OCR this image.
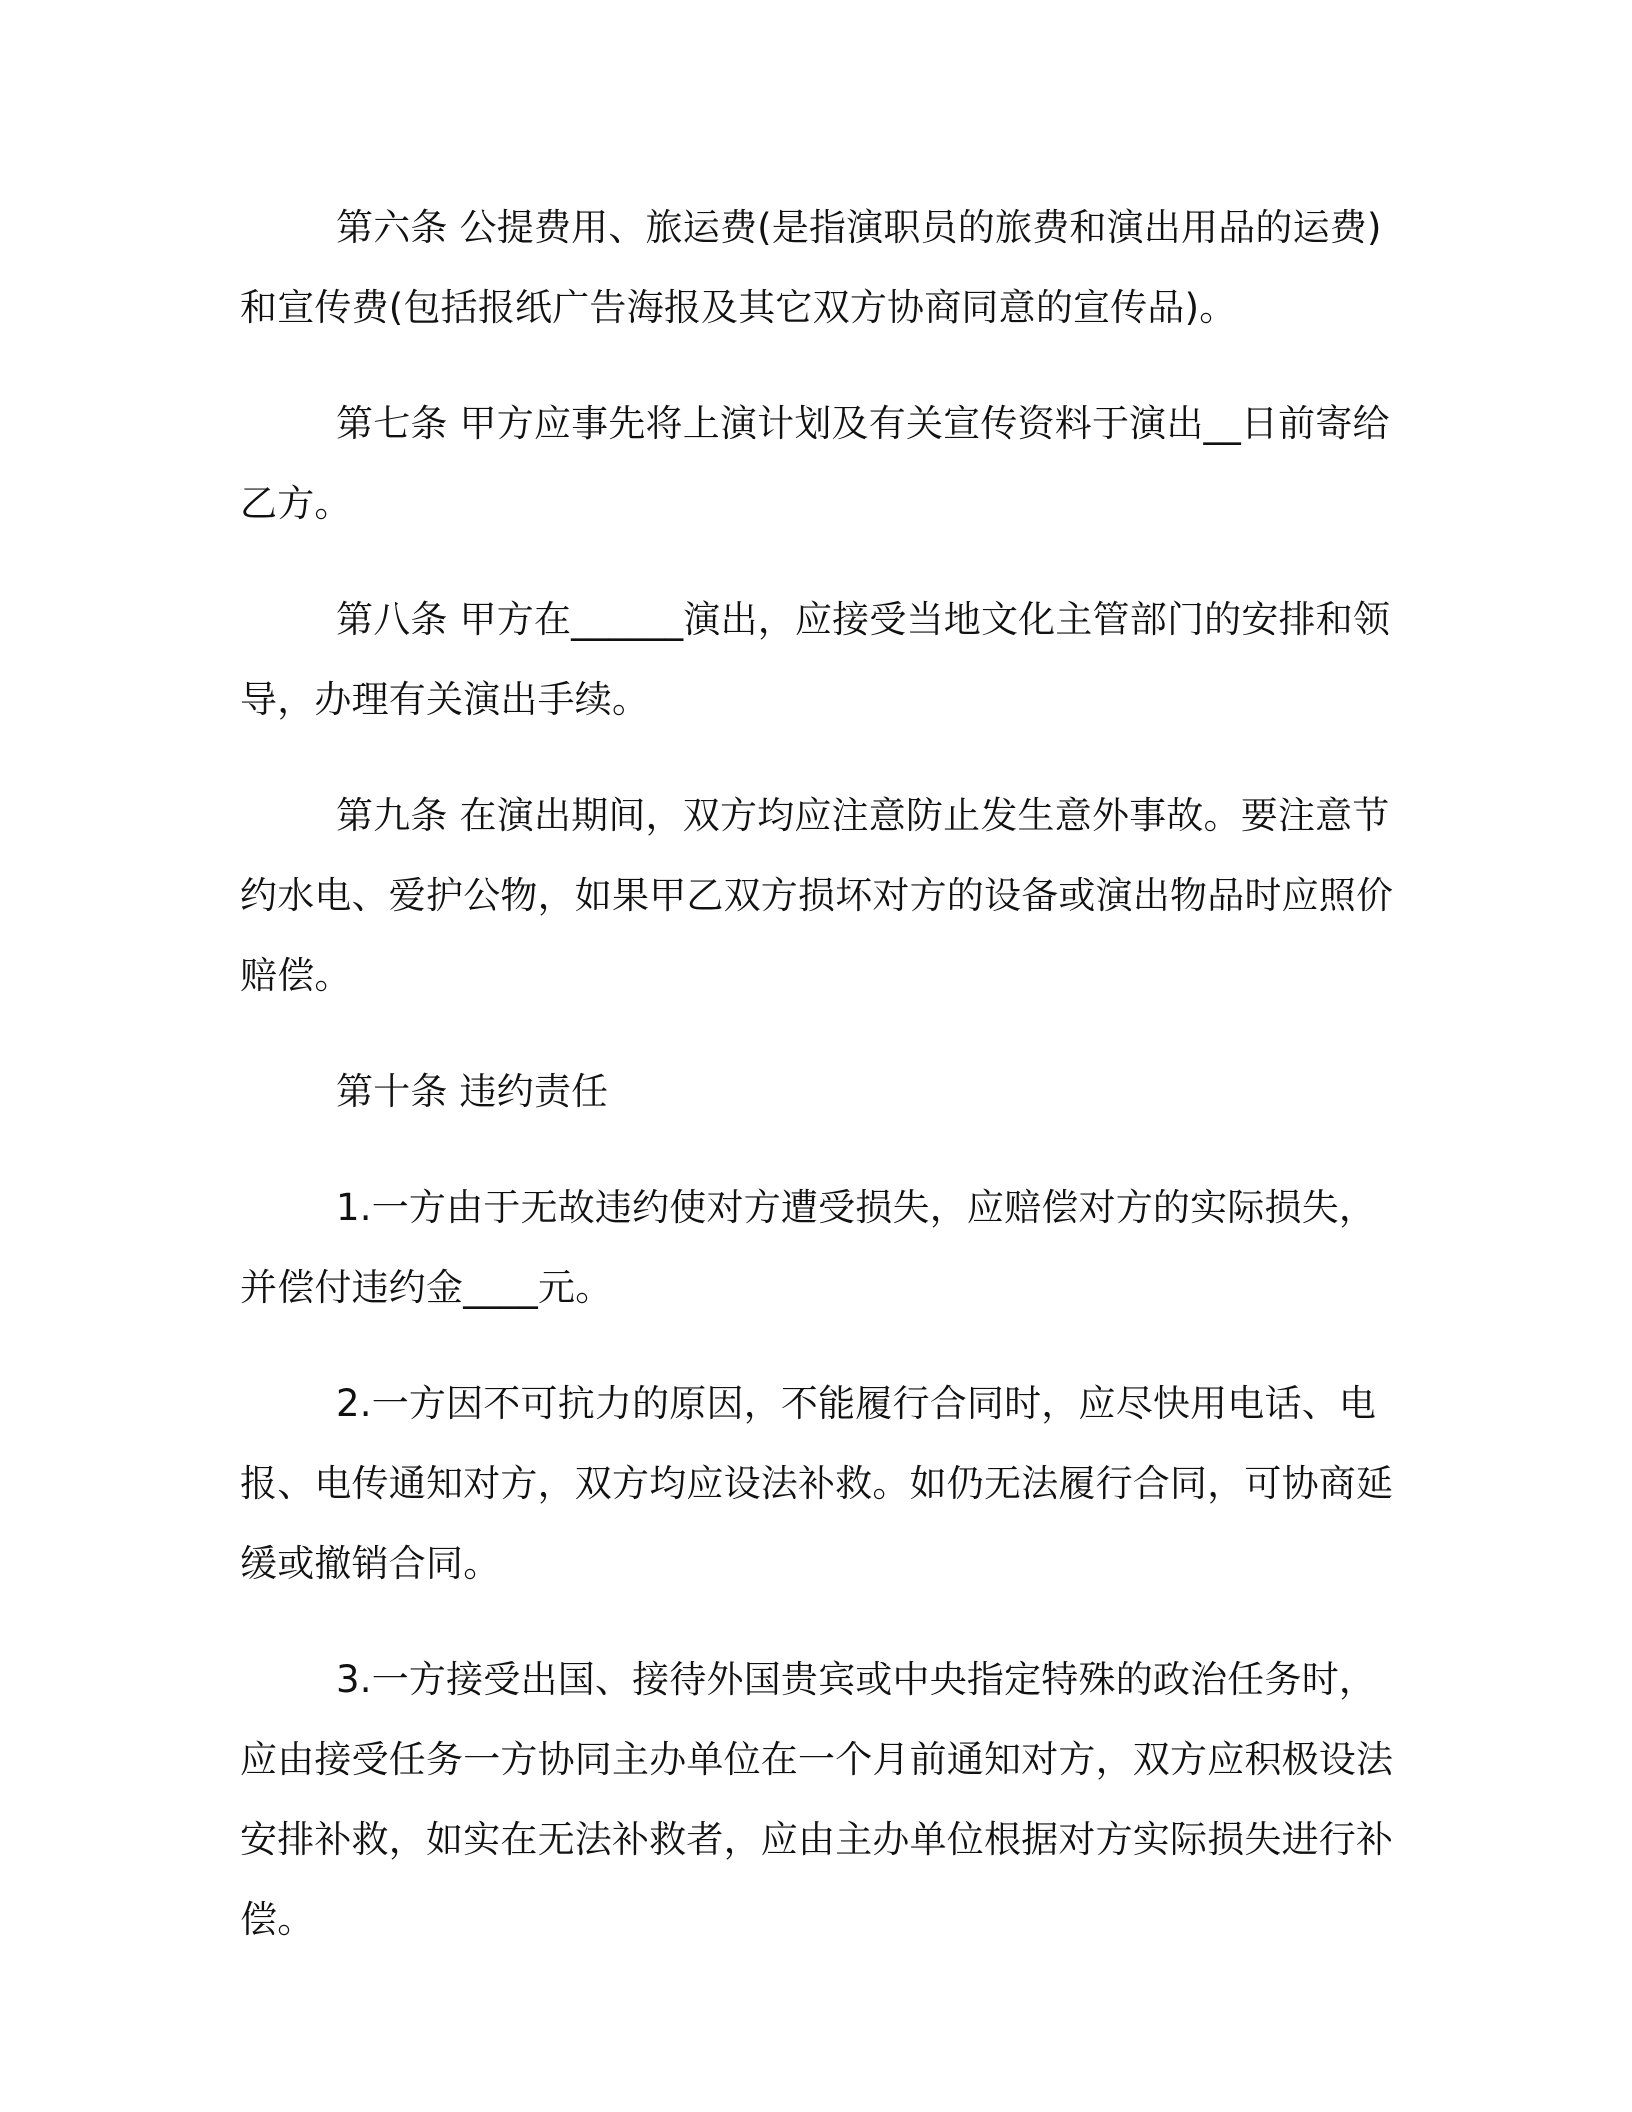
第六条 公提费用、旅运费(是指演职员的旅费和演出用品的运费)和宣传费(包括报纸广告海报及其它双方协商同意的宣传品)。

第七条 甲方应事先将上演计划及有关宣传资料于演出__日前寄给乙方。

第八条 甲方在______演出，应接受当地文化主管部门的安排和领导，办理有关演出手续。

第九条 在演出期间，双方均应注意防止发生意外事故。要注意节约水电、爱护公物，如果甲乙双方损坏对方的设备或演出物品时应照价赔偿。

第十条 违约责任

1.一方由于无故违约使对方遭受损失，应赔偿对方的实际损失，并偿付违约金____元。

2.一方因不可抗力的原因，不能履行合同时，应尽快用电话、电报、电传通知对方，双方均应设法补救。如仍无法履行合同，可协商延缓或撤销合同。

3.一方接受出国、接待外国贵宾或中央指定特殊的政治任务时，应由接受任务一方协同主办单位在一个月前通知对方，双方应积极设法安排补救，如实在无法补救者，应由主办单位根据对方实际损失进行补偿。
